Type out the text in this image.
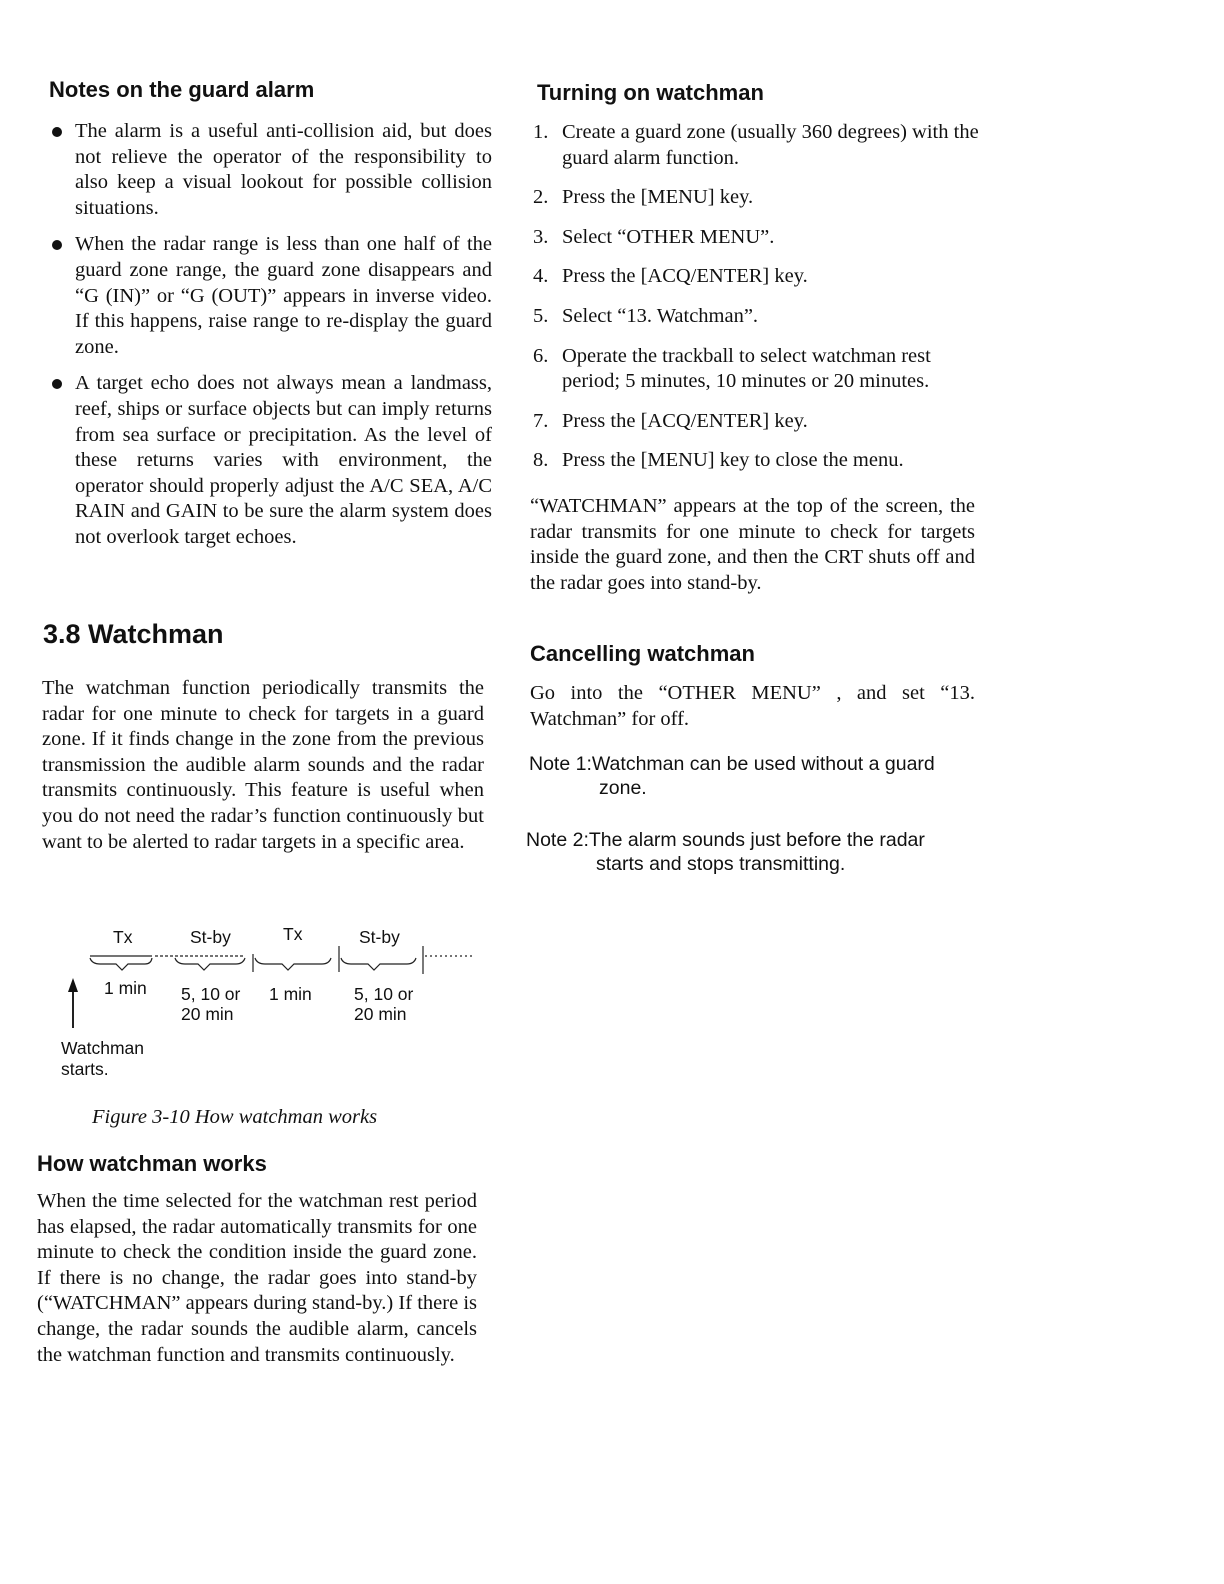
Notes on the guard alarm
The alarm is a useful anti-collision aid, but does not relieve the operator of the responsibility to also keep a visual lookout for possible collision situations.
When the radar range is less than one half of the guard zone range, the guard zone disappears and “G (IN)” or “G (OUT)” appears in inverse video. If this happens, raise range to re-display the guard zone.
A target echo does not always mean a landmass, reef, ships or surface objects but can imply returns from sea surface or precipitation. As the level of these returns varies with environment, the operator should properly adjust the A/C SEA, A/C RAIN and GAIN to be sure the alarm system does not overlook target echoes.
3.8 Watchman

The watchman function periodically transmits the radar for one minute to check for targets in a guard zone. If it finds change in the zone from the previous transmission the audible alarm sounds and the radar transmits continuously. This feature is useful when you do not need the radar’s function continuously but want to be alerted to radar targets in a specific area.

How watchman works

When the time selected for the watchman rest period has elapsed, the radar automatically transmits for one minute to check the condition inside the guard zone. If there is no change, the radar goes into stand-by (“WATCHMAN” appears during stand-by.) If there is change, the radar sounds the audible alarm, cancels the watchman function and transmits continuously.

Tx	St-by	Tx	St-by
1 min 5, 10 or
20 min
1 min 5, 10 or
20 min
Watchman
starts.
Figure 3-10 How watchman works
Turning on watchman
1. Create a guard zone (usually 360 degrees) with the guard alarm function.
2. Press the [MENU] key.
3. Select “OTHER MENU”.
4. Press the [ACQ/ENTER] key.
5. Select “13. Watchman”.
6. Operate the trackball to select watchman rest period; 5 minutes, 10 minutes or 20 minutes.
7. Press the [ACQ/ENTER] key.
8. Press the [MENU] key to close the menu.

“WATCHMAN” appears at the top of the screen, the radar transmits for one minute to check for targets inside the guard zone, and then the CRT shuts off and the radar goes into stand-by.

Cancelling watchman

Go into the “OTHER MENU” , and set “13. Watchman” for off.

Note 1:Watchman can be used without a guard
zone.
Note 2:The alarm sounds just before the radar
starts and stops transmitting.
